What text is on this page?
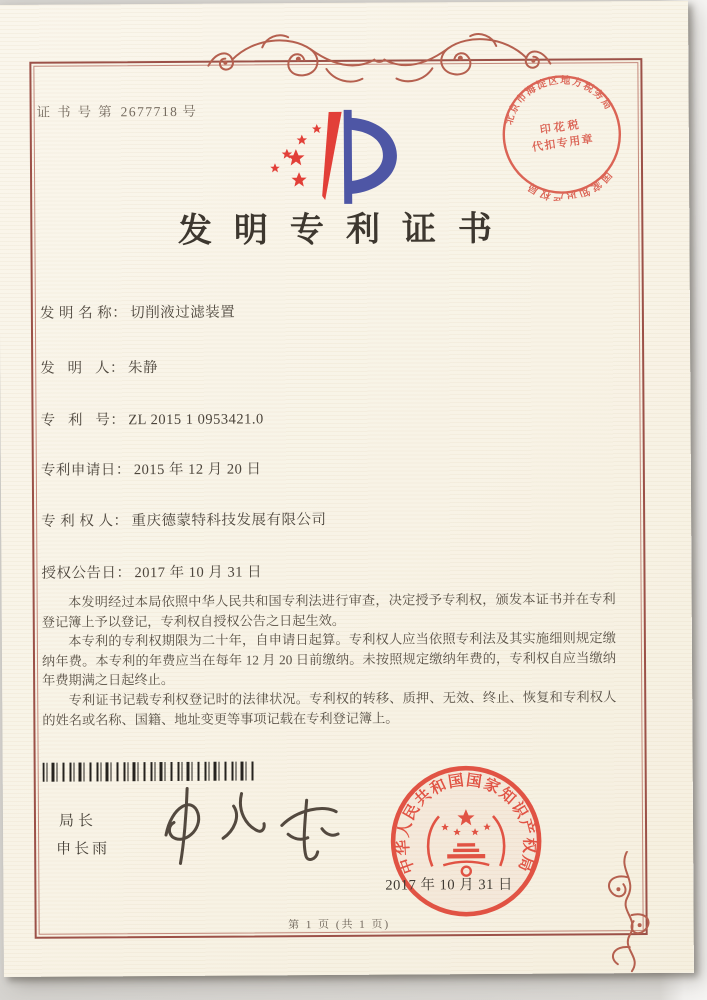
证书号第 2677718 号
北京市海淀区地方税务局
国家知识产权局
印花税
代扣专用章
发明专利证书
发 明 名 称： 切削液过滤装置
发   明   人： 朱静
专   利   号： ZL 2015 1 0953421.0
专利申请日： 2015 年 12 月 20 日
专 利 权 人： 重庆德蒙特科技发展有限公司
授权公告日： 2017 年 10 月 31 日

本发明经过本局依照中华人民共和国专利法进行审查，决定授予专利权，颁发本证书并在专利登记簿上予以登记，专利权自授权公告之日起生效。

本专利的专利权期限为二十年，自申请日起算。专利权人应当依照专利法及其实施细则规定缴纳年费。本专利的年费应当在每年 12 月 20 日前缴纳。未按照规定缴纳年费的，专利权自应当缴纳年费期满之日起终止。

专利证书记载专利权登记时的法律状况。专利权的转移、质押、无效、终止、恢复和专利权人的姓名或名称、国籍、地址变更等事项记载在专利登记簿上。

局长
申长雨
中华人民共和国国家知识产权局
2017 年 10 月 31 日
第 1 页 (共 1 页)
